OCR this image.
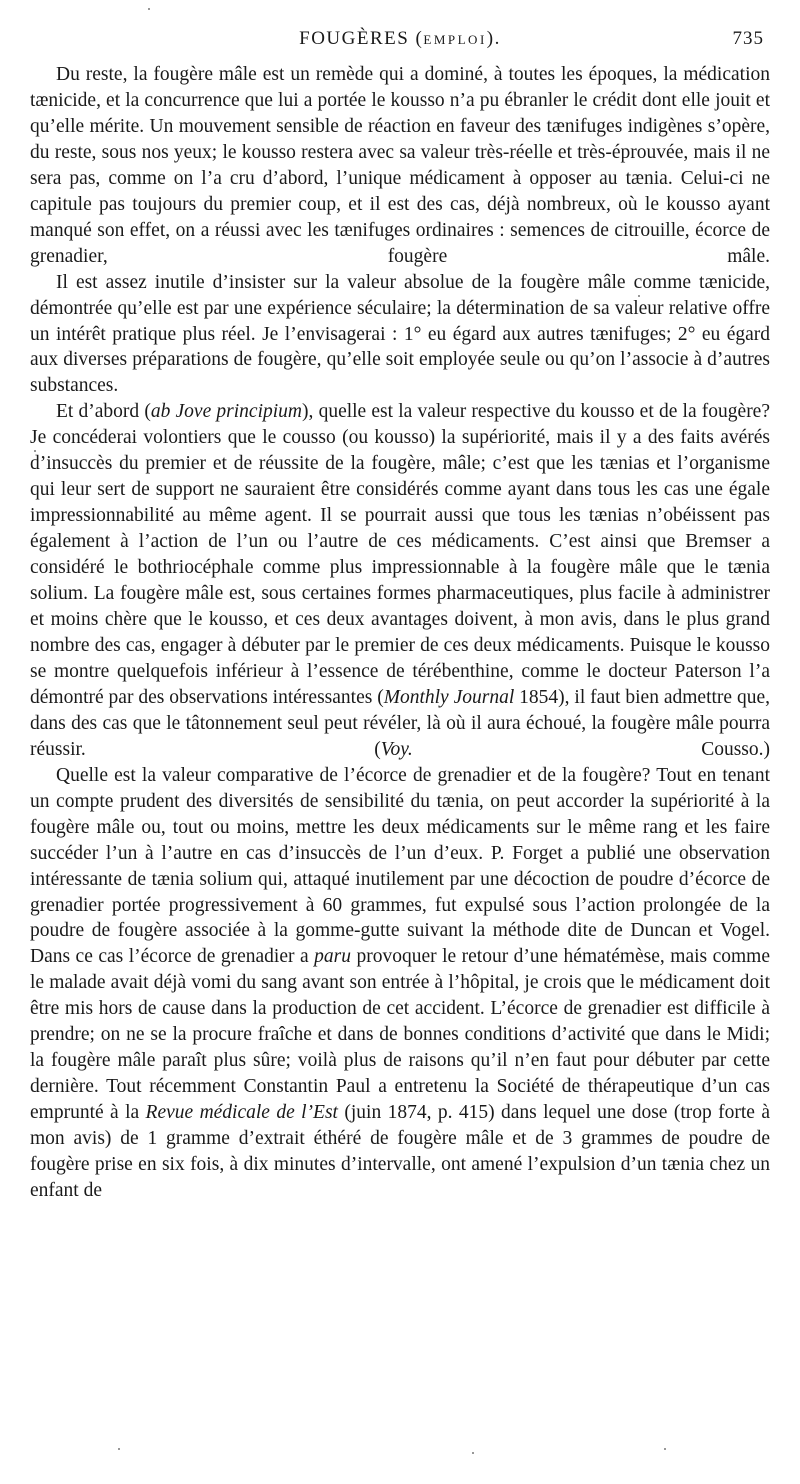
FOUGÈRES (EMPLOI).	735

Du reste, la fougère mâle est un remède qui a dominé, à toutes les époques, la médication tænicide, et la concurrence que lui a portée le kousso n’a pu ébranler le crédit dont elle jouit et qu’elle mérite. Un mouvement sensible de réaction en faveur des tænifuges indigènes s’opère, du reste, sous nos yeux; le kousso restera avec sa valeur très-réelle et très-éprouvée, mais il ne sera pas, comme on l’a cru d’abord, l’unique médicament à opposer au tænia. Celui-ci ne capitule pas toujours du premier coup, et il est des cas, déjà nombreux, où le kousso ayant manqué son effet, on a réussi avec les tænifuges ordinaires : semences de citrouille, écorce de grenadier, fougère mâle.

Il est assez inutile d’insister sur la valeur absolue de la fougère mâle comme tænicide, démontrée qu’elle est par une expérience séculaire; la détermination de sa valeur relative offre un intérêt pratique plus réel. Je l’envisagerai : 1° eu égard aux autres tænifuges; 2° eu égard aux diverses préparations de fougère, qu’elle soit employée seule ou qu’on l’associe à d’autres substances.

Et d’abord (ab Jove principium), quelle est la valeur respective du kousso et de la fougère? Je concéderai volontiers que le cousso (ou kousso) la supériorité, mais il y a des faits avérés d’insuccès du premier et de réussite de la fougère, mâle; c’est que les tænias et l’organisme qui leur sert de support ne sauraient être considérés comme ayant dans tous les cas une égale impressionnabilité au même agent. Il se pourrait aussi que tous les tænias n’obéissent pas également à l’action de l’un ou l’autre de ces médicaments. C’est ainsi que Bremser a considéré le bothriocéphale comme plus impressionnable à la fougère mâle que le tænia solium. La fougère mâle est, sous certaines formes pharmaceutiques, plus facile à administrer et moins chère que le kousso, et ces deux avantages doivent, à mon avis, dans le plus grand nombre des cas, engager à débuter par le premier de ces deux médicaments. Puisque le kousso se montre quelquefois inférieur à l’essence de térébenthine, comme le docteur Paterson l’a démontré par des observations intéressantes (Monthly Journal 1854), il faut bien admettre que, dans des cas que le tâtonnement seul peut révéler, là où il aura échoué, la fougère mâle pourra réussir. (Voy. Cousso.)

Quelle est la valeur comparative de l’écorce de grenadier et de la fougère? Tout en tenant un compte prudent des diversités de sensibilité du tænia, on peut accorder la supériorité à la fougère mâle ou, tout ou moins, mettre les deux médicaments sur le même rang et les faire succéder l’un à l’autre en cas d’insuccès de l’un d’eux. P. Forget a publié une observation intéressante de tænia solium qui, attaqué inutilement par une décoction de poudre d’écorce de grenadier portée progressivement à 60 grammes, fut expulsé sous l’action prolongée de la poudre de fougère associée à la gomme-gutte suivant la méthode dite de Duncan et Vogel. Dans ce cas l’écorce de grenadier a paru provoquer le retour d’une hématémèse, mais comme le malade avait déjà vomi du sang avant son entrée à l’hôpital, je crois que le médicament doit être mis hors de cause dans la production de cet accident. L’écorce de grenadier est difficile à prendre; on ne se la procure fraîche et dans de bonnes conditions d’activité que dans le Midi; la fougère mâle paraît plus sûre; voilà plus de raisons qu’il n’en faut pour débuter par cette dernière. Tout récemment Constantin Paul a entretenu la Société de thérapeutique d’un cas emprunté à la Revue médicale de l’Est (juin 1874, p. 415) dans lequel une dose (trop forte à mon avis) de 1 gramme d’extrait éthéré de fougère mâle et de 3 grammes de poudre de fougère prise en six fois, à dix minutes d’intervalle, ont amené l’expulsion d’un tænia chez un enfant de
